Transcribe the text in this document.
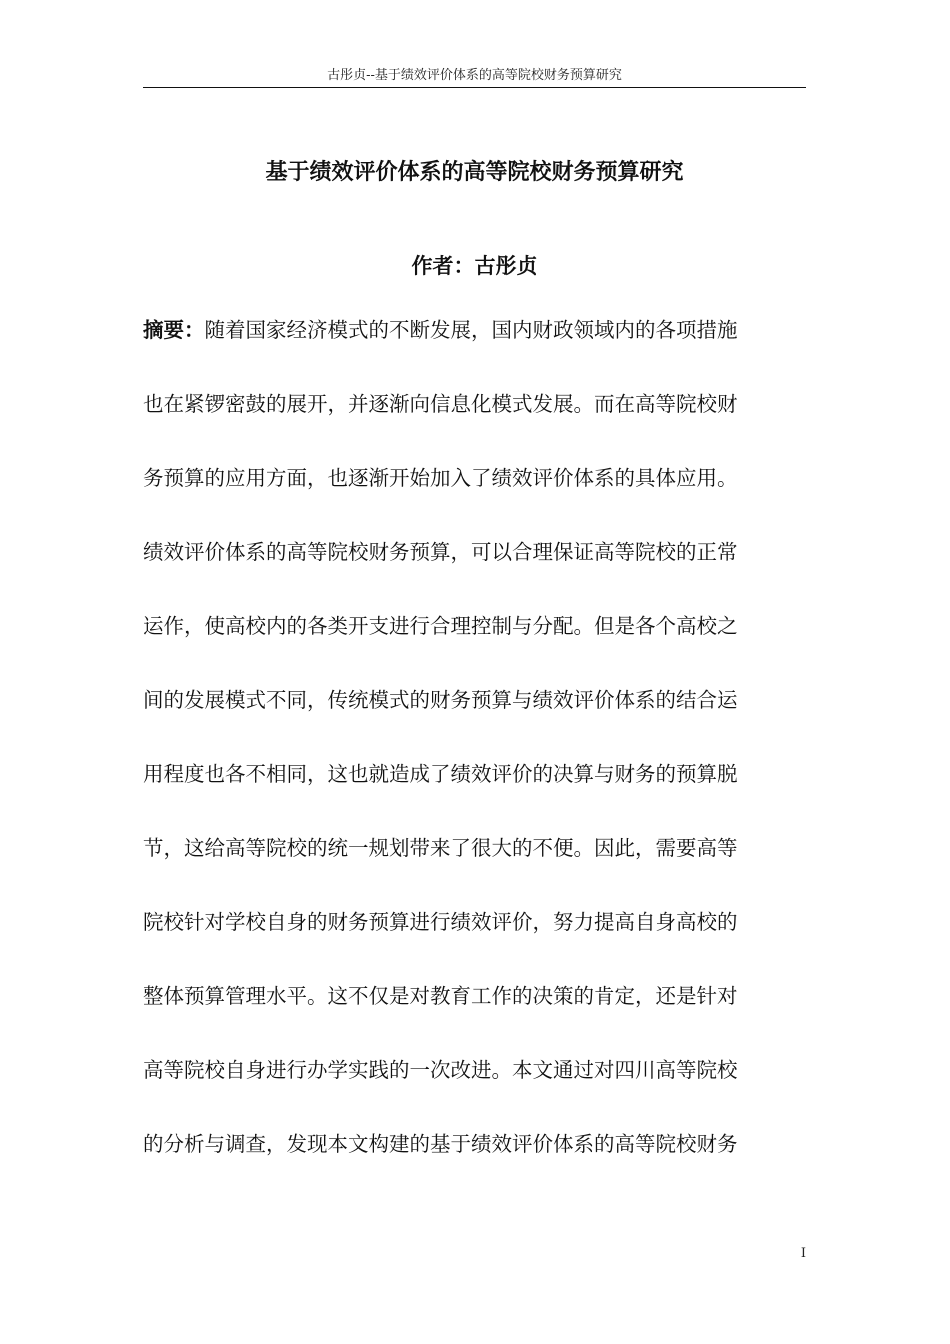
古彤贞--基于绩效评价体系的高等院校财务预算研究
基于绩效评价体系的高等院校财务预算研究
作者：古彤贞
摘要：随着国家经济模式的不断发展，国内财政领域内的各项措施
也在紧锣密鼓的展开，并逐渐向信息化模式发展。而在高等院校财
务预算的应用方面，也逐渐开始加入了绩效评价体系的具体应用。
绩效评价体系的高等院校财务预算，可以合理保证高等院校的正常
运作，使高校内的各类开支进行合理控制与分配。但是各个高校之
间的发展模式不同，传统模式的财务预算与绩效评价体系的结合运
用程度也各不相同，这也就造成了绩效评价的决算与财务的预算脱
节，这给高等院校的统一规划带来了很大的不便。因此，需要高等
院校针对学校自身的财务预算进行绩效评价，努力提高自身高校的
整体预算管理水平。这不仅是对教育工作的决策的肯定，还是针对
高等院校自身进行办学实践的一次改进。本文通过对四川高等院校
的分析与调查，发现本文构建的基于绩效评价体系的高等院校财务
I
